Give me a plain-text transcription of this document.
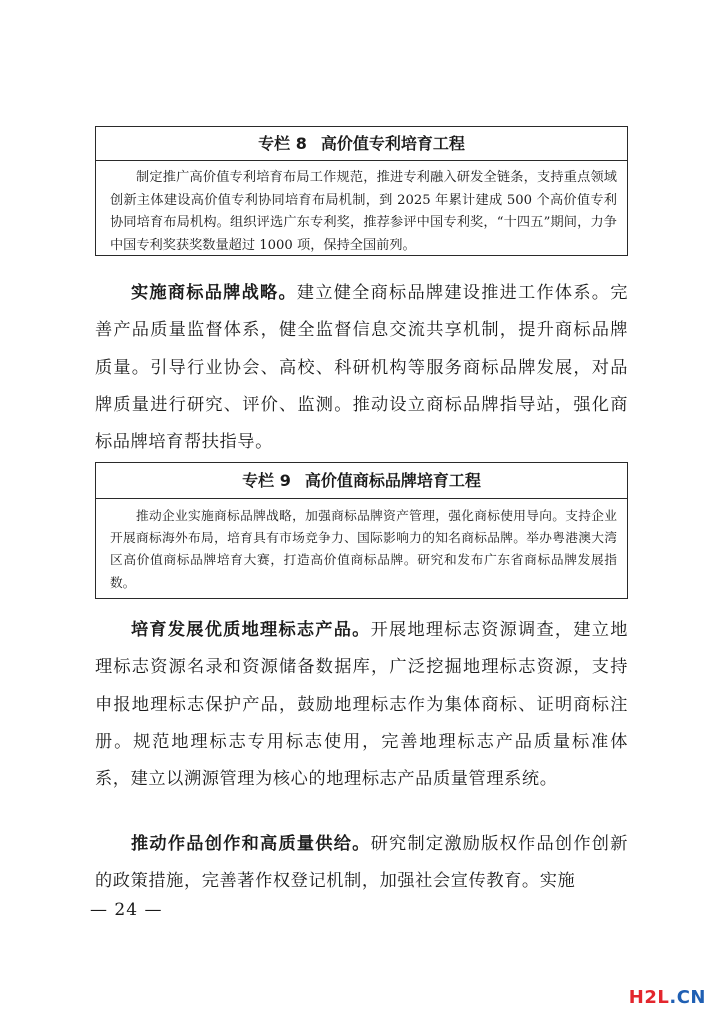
专栏 8 高价值专利培育工程
制定推广高价值专利培育布局工作规范，推进专利融入研发全链条，支持重点领域创新主体建设高价值专利协同培育布局机制，到 2025 年累计建成 500 个高价值专利协同培育布局机构。组织评选广东专利奖，推荐参评中国专利奖，“十四五”期间，力争中国专利奖获奖数量超过 1000 项，保持全国前列。

实施商标品牌战略。建立健全商标品牌建设推进工作体系。完善产品质量监督体系，健全监督信息交流共享机制，提升商标品牌质量。引导行业协会、高校、科研机构等服务商标品牌发展，对品牌质量进行研究、评价、监测。推动设立商标品牌指导站，强化商标品牌培育帮扶指导。

专栏 9 高价值商标品牌培育工程
推动企业实施商标品牌战略，加强商标品牌资产管理，强化商标使用导向。支持企业开展商标海外布局，培育具有市场竞争力、国际影响力的知名商标品牌。举办粤港澳大湾区高价值商标品牌培育大赛，打造高价值商标品牌。研究和发布广东省商标品牌发展指数。

培育发展优质地理标志产品。开展地理标志资源调查，建立地理标志资源名录和资源储备数据库，广泛挖掘地理标志资源，支持申报地理标志保护产品，鼓励地理标志作为集体商标、证明商标注册。规范地理标志专用标志使用，完善地理标志产品质量标准体系，建立以溯源管理为核心的地理标志产品质量管理系统。

推动作品创作和高质量供给。研究制定激励版权作品创作创新的政策措施，完善著作权登记机制，加强社会宣传教育。实施

— 24 —
H2L.CN
